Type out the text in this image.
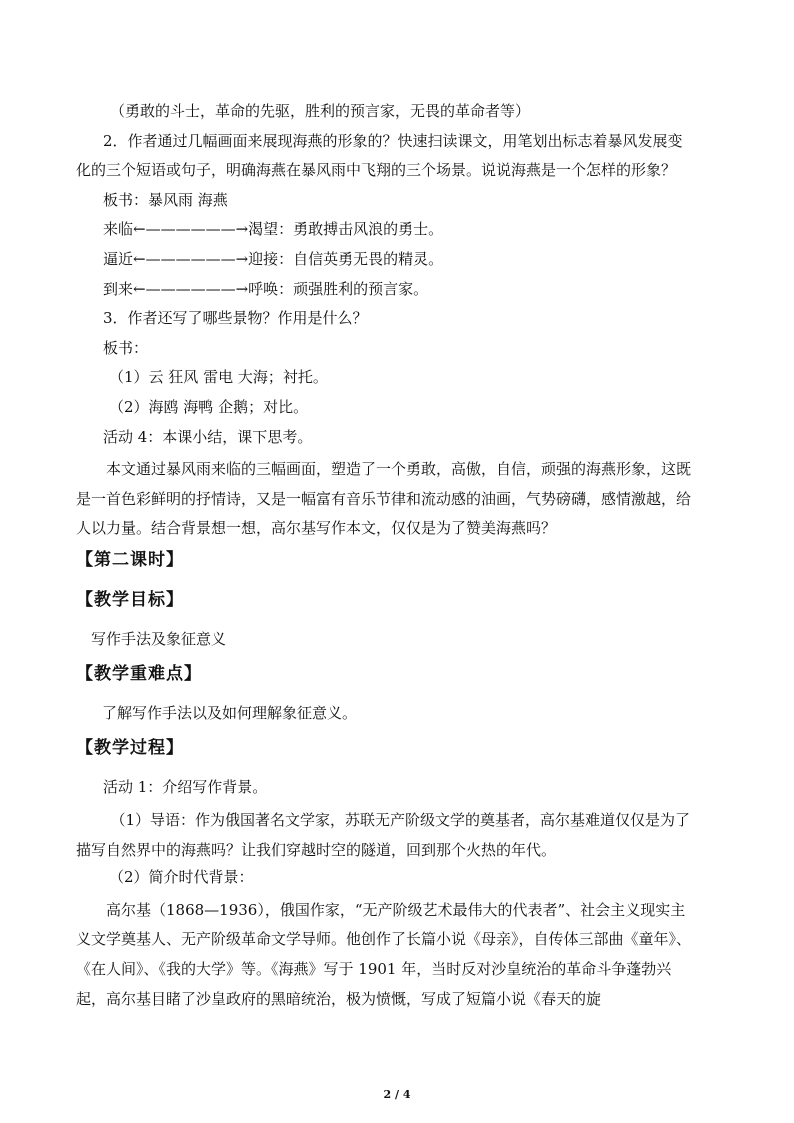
（勇敢的斗士，革命的先驱，胜利的预言家，无畏的革命者等）
2．作者通过几幅画面来展现海燕的形象的？快速扫读课文，用笔划出标志着暴风发展变
化的三个短语或句子，明确海燕在暴风雨中飞翔的三个场景。说说海燕是一个怎样的形象？
板书：暴风雨 海燕
来临←——————→渴望：勇敢搏击风浪的勇士。
逼近←——————→迎接：自信英勇无畏的精灵。
到来←——————→呼唤：顽强胜利的预言家。
3．作者还写了哪些景物？作用是什么？
板书：
（1）云 狂风 雷电 大海；衬托。
（2）海鸥 海鸭 企鹅；对比。
活动 4：本课小结，课下思考。
本文通过暴风雨来临的三幅画面，塑造了一个勇敢，高傲，自信，顽强的海燕形象，这既是一首色彩鲜明的抒情诗，又是一幅富有音乐节律和流动感的油画，气势磅礴，感情激越，给人以力量。结合背景想一想，高尔基写作本文，仅仅是为了赞美海燕吗？
【第二课时】
【教学目标】
写作手法及象征意义
【教学重难点】
了解写作手法以及如何理解象征意义。
【教学过程】
活动 1：介绍写作背景。
（1）导语：作为俄国著名文学家，苏联无产阶级文学的奠基者，高尔基难道仅仅是为了描写自然界中的海燕吗？让我们穿越时空的隧道，回到那个火热的年代。
（2）简介时代背景：
高尔基（1868—1936），俄国作家，“无产阶级艺术最伟大的代表者”、社会主义现实主义文学奠基人、无产阶级革命文学导师。他创作了长篇小说《母亲》，自传体三部曲《童年》、《在人间》、《我的大学》等。《海燕》写于 1901 年，当时反对沙皇统治的革命斗争蓬勃兴起，高尔基目睹了沙皇政府的黑暗统治，极为愤慨，写成了短篇小说《春天的旋
2 / 4
